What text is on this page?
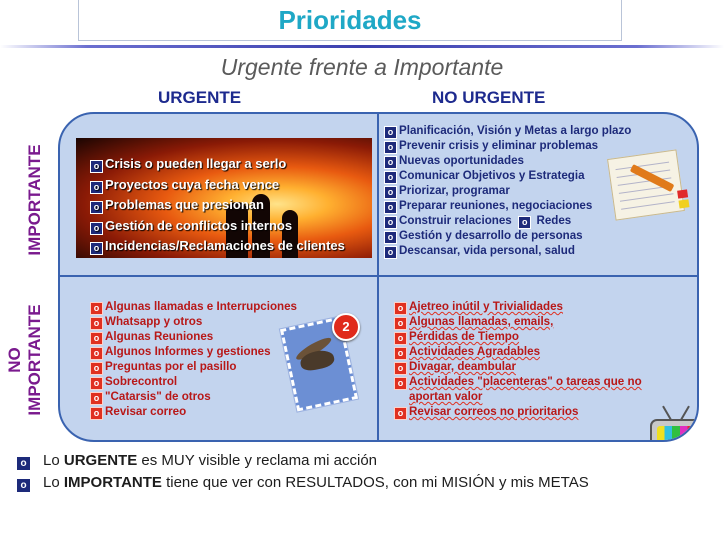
Prioridades
Urgente frente a Importante
URGENTE	NO URGENTE
IMPORTANTE
NO IMPORTANTE
o Crisis o pueden llegar a serlo
o Proyectos cuya fecha vence
o Problemas que presionan
o Gestión de conflictos internos
o Incidencias/Reclamaciones de clientes
o Planificación, Visión y Metas a largo plazo
o Prevenir crisis y eliminar problemas
o Nuevas oportunidades
o Comunicar Objetivos y Estrategia
o Priorizar, programar
o Preparar reuniones, negociaciones
o Construir relaciones o Redes
o Gestión y desarrollo de personas
o Descansar, vida personal, salud
o Algunas llamadas e Interrupciones
o Whatsapp y otros
o Algunas Reuniones
o Algunos Informes y gestiones
o Preguntas por el pasillo
o Sobrecontrol
o "Catarsis" de otros
o Revisar correo
o Ajetreo inútil y Trivialidades
o Algunas llamadas, emails,
o Pérdidas de Tiempo
o Actividades Agradables
o Divagar, deambular
o Actividades "placenteras" o tareas que no
aportan valor
o Revisar correos no prioritarios
2
o Lo URGENTE es MUY visible y reclama mi acción
o Lo IMPORTANTE tiene que ver con RESULTADOS, con mi MISIÓN y mis METAS
